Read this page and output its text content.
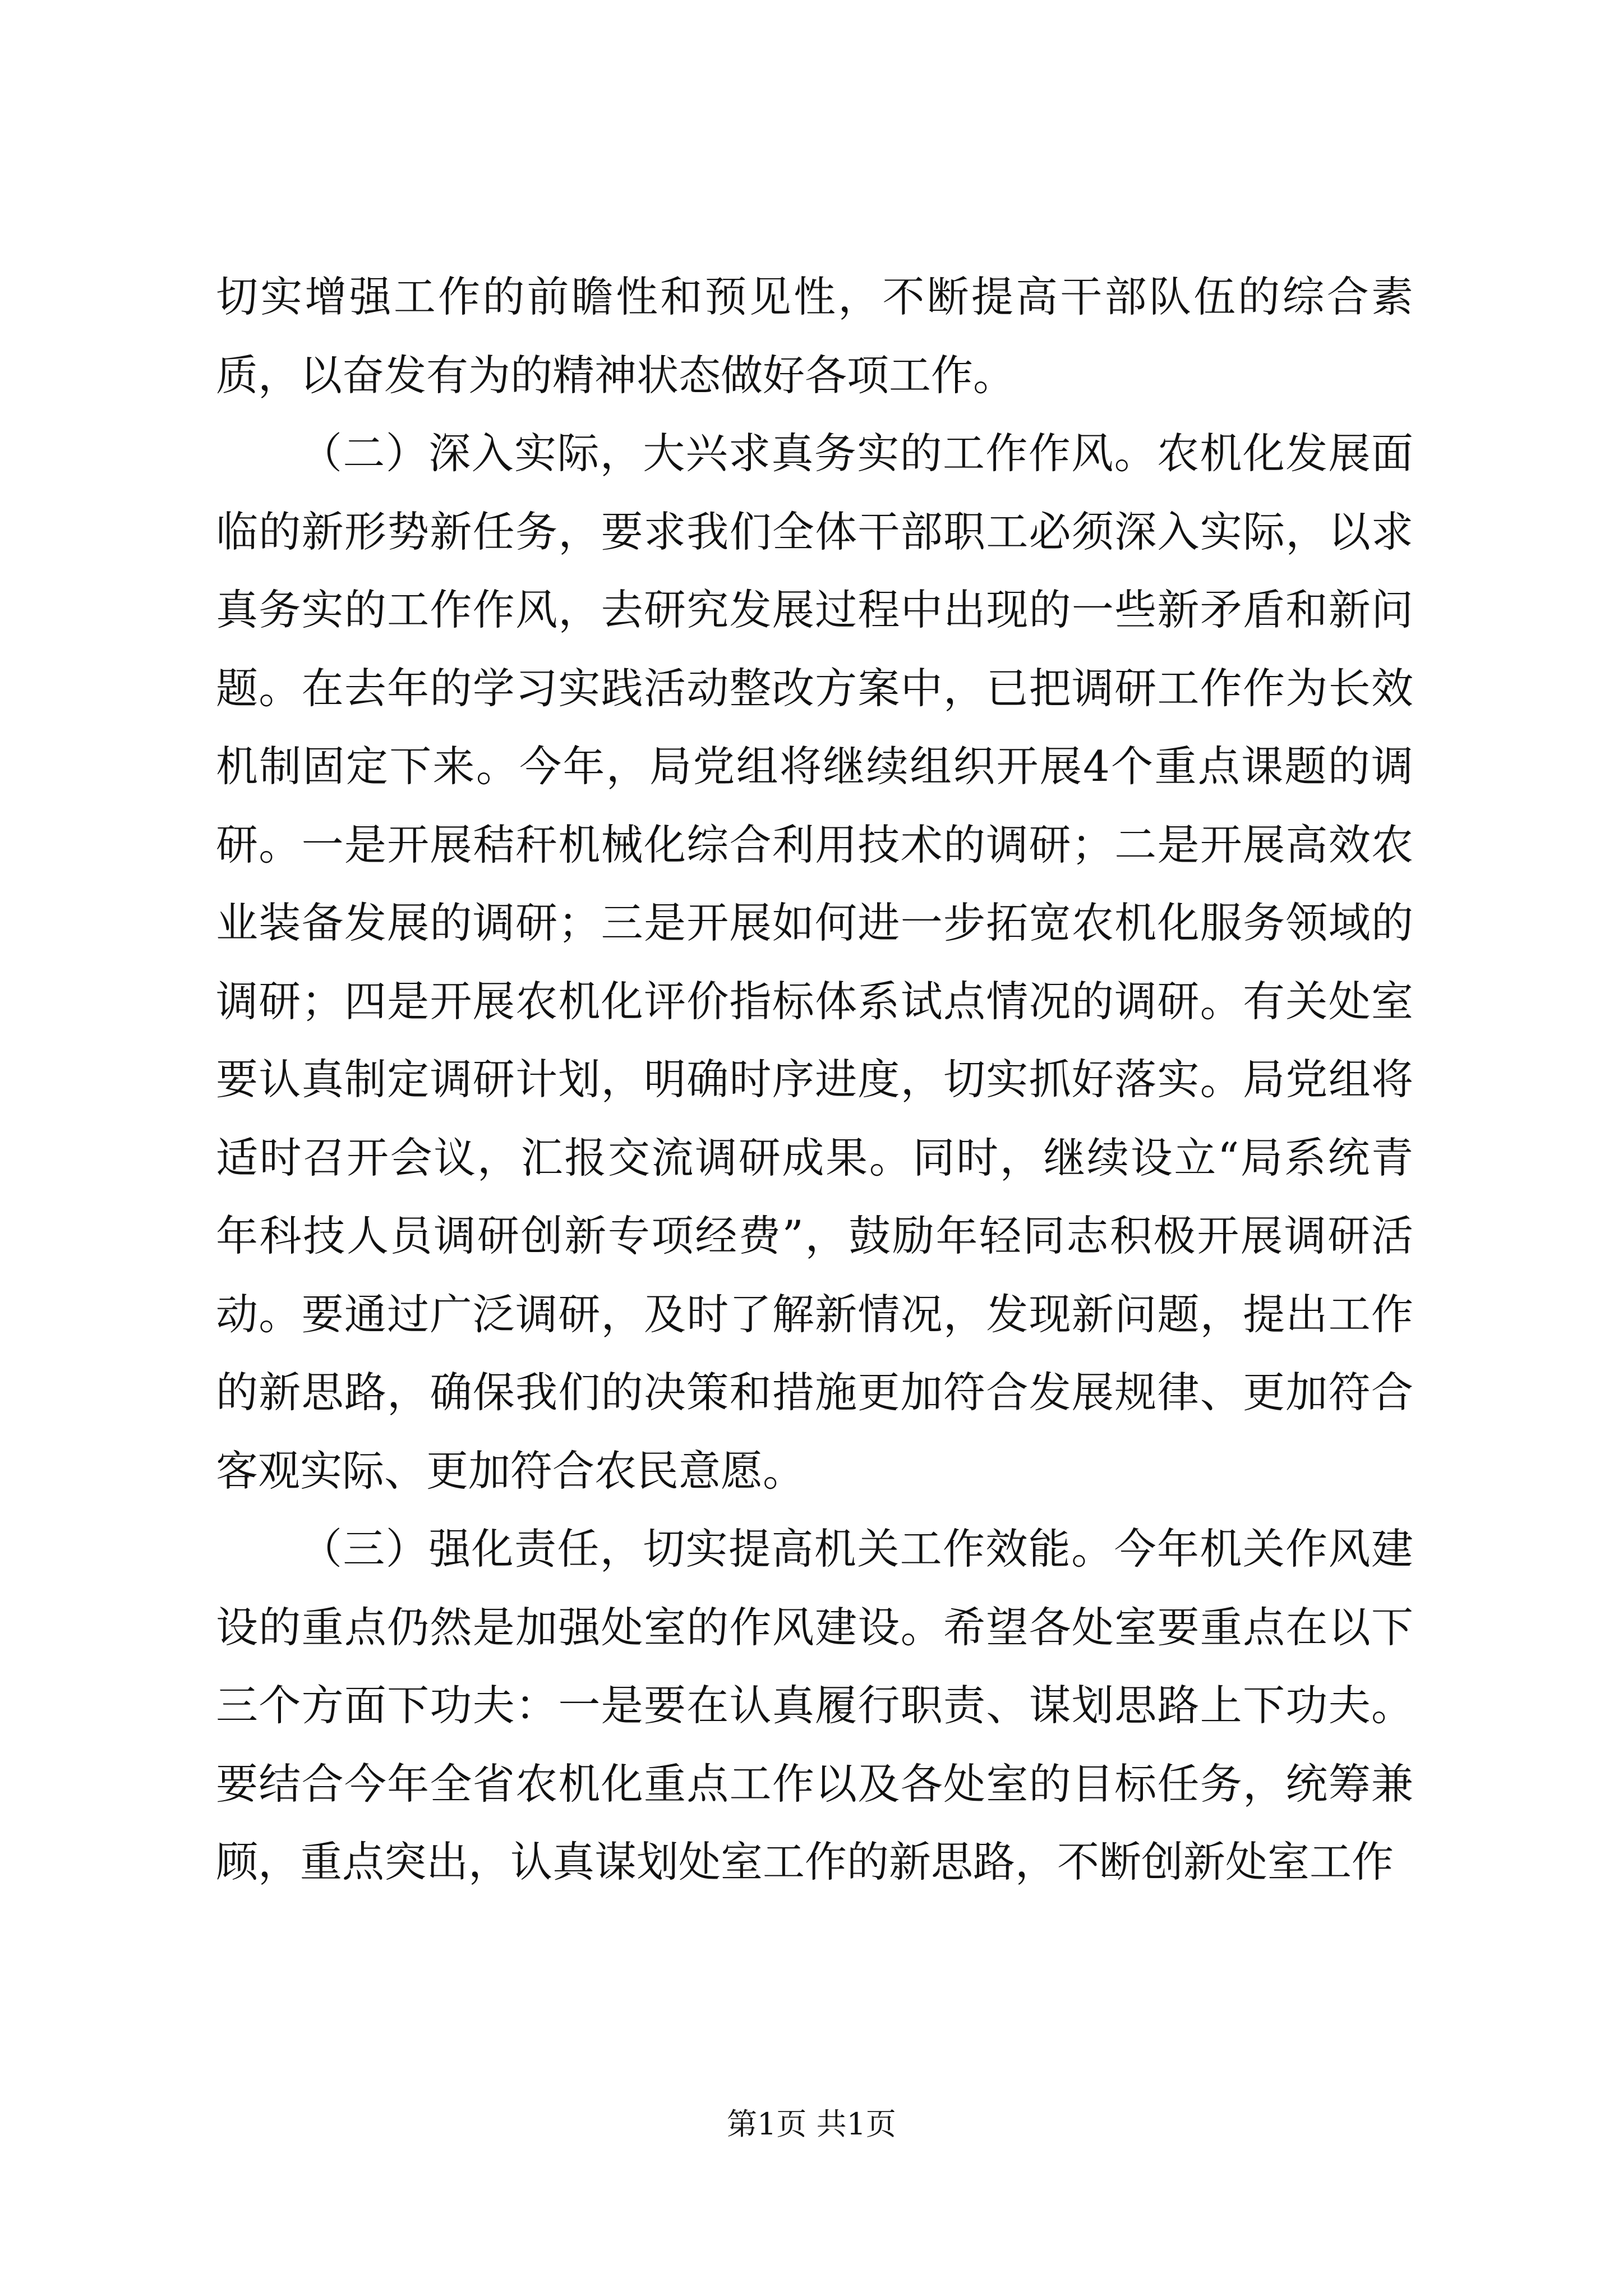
切实增强工作的前瞻性和预见性，不断提高干部队伍的综合素质，以奋发有为的精神状态做好各项工作。

（二）深入实际，大兴求真务实的工作作风。农机化发展面临的新形势新任务，要求我们全体干部职工必须深入实际，以求真务实的工作作风，去研究发展过程中出现的一些新矛盾和新问题。在去年的学习实践活动整改方案中，已把调研工作作为长效机制固定下来。今年，局党组将继续组织开展4个重点课题的调研。一是开展秸秆机械化综合利用技术的调研；二是开展高效农业装备发展的调研；三是开展如何进一步拓宽农机化服务领域的调研；四是开展农机化评价指标体系试点情况的调研。有关处室要认真制定调研计划，明确时序进度，切实抓好落实。局党组将适时召开会议，汇报交流调研成果。同时，继续设立“局系统青年科技人员调研创新专项经费”，鼓励年轻同志积极开展调研活动。要通过广泛调研，及时了解新情况，发现新问题，提出工作的新思路，确保我们的决策和措施更加符合发展规律、更加符合客观实际、更加符合农民意愿。

（三）强化责任，切实提高机关工作效能。今年机关作风建设的重点仍然是加强处室的作风建设。希望各处室要重点在以下三个方面下功夫：一是要在认真履行职责、谋划思路上下功夫。要结合今年全省农机化重点工作以及各处室的目标任务，统筹兼顾，重点突出，认真谋划处室工作的新思路，不断创新处室工作

第1页 共1页
